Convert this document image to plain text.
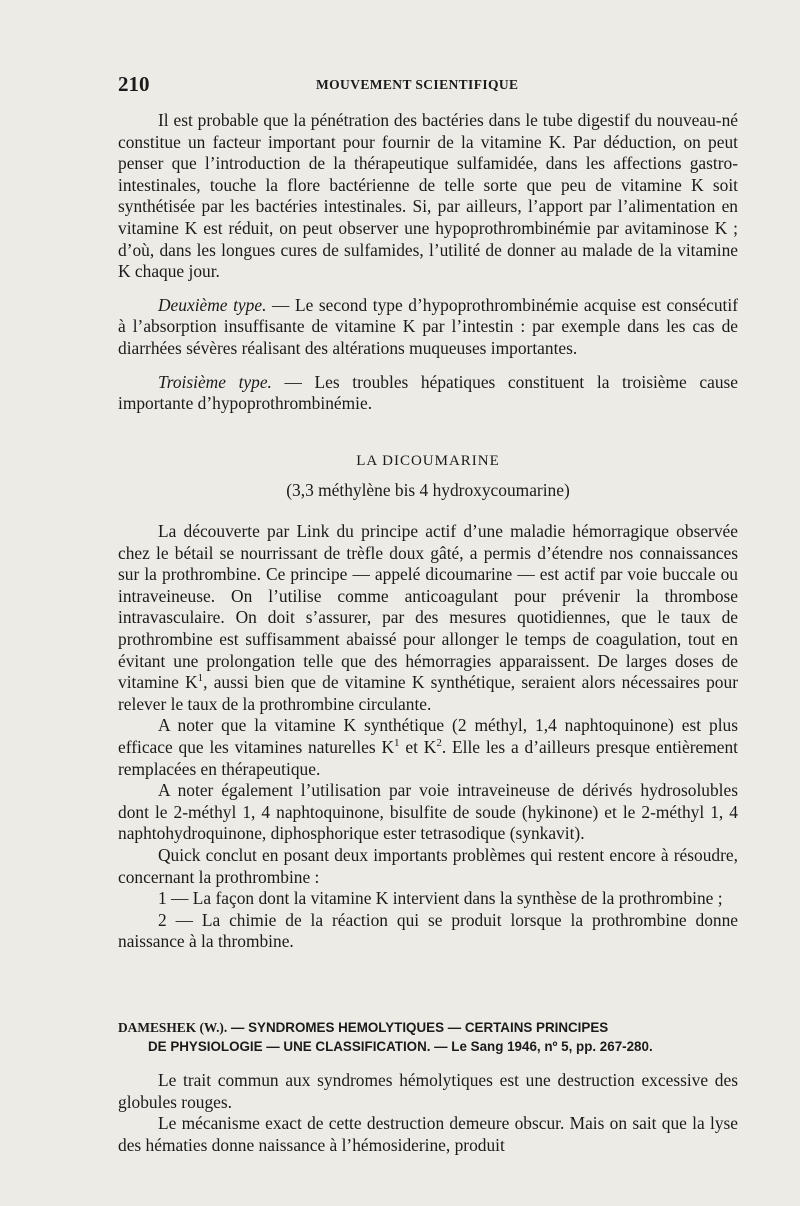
210	MOUVEMENT SCIENTIFIQUE

Il est probable que la pénétration des bactéries dans le tube digestif du nouveau-né constitue un facteur important pour fournir de la vitamine K. Par déduction, on peut penser que l’introduction de la thérapeutique sulfamidée, dans les affections gastro-intestinales, touche la flore bactérienne de telle sorte que peu de vitamine K soit synthétisée par les bactéries intestinales. Si, par ailleurs, l’apport par l’alimentation en vitamine K est réduit, on peut observer une hypoprothrombinémie par avitaminose K ; d’où, dans les longues cures de sulfamides, l’utilité de donner au malade de la vitamine K chaque jour.

Deuxième type. — Le second type d’hypoprothrombinémie acquise est consécutif à l’absorption insuffisante de vitamine K par l’intestin : par exemple dans les cas de diarrhées sévères réalisant des altérations muqueuses importantes.

Troisième type. — Les troubles hépatiques constituent la troisième cause importante d’hypoprothrombinémie.

LA DICOUMARINE
(3,3 méthylène bis 4 hydroxycoumarine)

La découverte par Link du principe actif d’une maladie hémorragique observée chez le bétail se nourrissant de trèfle doux gâté, a permis d’étendre nos connaissances sur la prothrombine. Ce principe — appelé dicoumarine — est actif par voie buccale ou intraveineuse. On l’utilise comme anticoagulant pour prévenir la thrombose intravasculaire. On doit s’assurer, par des mesures quotidiennes, que le taux de prothrombine est suffisamment abaissé pour allonger le temps de coagulation, tout en évitant une prolongation telle que des hémorragies apparaissent. De larges doses de vitamine $K^1$, aussi bien que de vitamine K synthétique, seraient alors nécessaires pour relever le taux de la prothrombine circulante.

A noter que la vitamine K synthétique (2 méthyl, 1,4 naphtoquinone) est plus efficace que les vitamines naturelles $K^1$ et $K^2$. Elle les a d’ailleurs presque entièrement remplacées en thérapeutique.

A noter également l’utilisation par voie intraveineuse de dérivés hydrosolubles dont le 2-méthyl 1, 4 naphtoquinone, bisulfite de soude (hykinone) et le 2-méthyl 1, 4 naphtohydroquinone, diphosphorique ester tetrasodique (synkavit).

Quick conclut en posant deux importants problèmes qui restent encore à résoudre, concernant la prothrombine :

1 — La façon dont la vitamine K intervient dans la synthèse de la prothrombine ;

2 — La chimie de la réaction qui se produit lorsque la prothrombine donne naissance à la thrombine.

DAMESHEK (W.). — SYNDROMES HEMOLYTIQUES — CERTAINS PRINCIPES
DE PHYSIOLOGIE — UNE CLASSIFICATION. — Le Sang 1946, nº 5, pp. 267-280.

Le trait commun aux syndromes hémolytiques est une destruction excessive des globules rouges.

Le mécanisme exact de cette destruction demeure obscur. Mais on sait que la lyse des hématies donne naissance à l’hémosiderine, produit
